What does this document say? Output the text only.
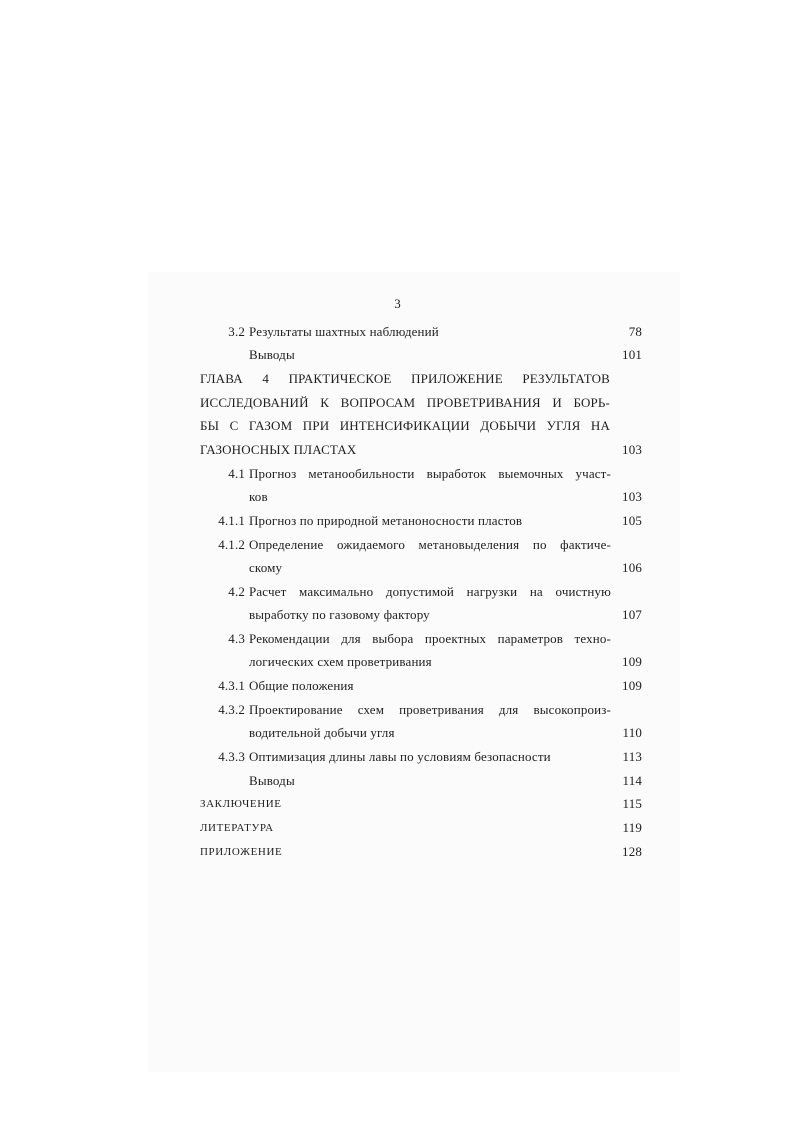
3
3.2 Результаты шахтных наблюдений	78
Выводы	101
ГЛАВА 4 ПРАКТИЧЕСКОЕ ПРИЛОЖЕНИЕ РЕЗУЛЬТАТОВ
ИССЛЕДОВАНИЙ К ВОПРОСАМ ПРОВЕТРИВАНИЯ И БОРЬ-
БЫ С ГАЗОМ ПРИ ИНТЕНСИФИКАЦИИ ДОБЫЧИ УГЛЯ НА
ГАЗОНОСНЫХ ПЛАСТАХ	103
4.1 Прогноз метанообильности выработок выемочных участ-
ков	103
4.1.1 Прогноз по природной метаноносности пластов	105
4.1.2 Определение ожидаемого метановыделения по фактиче-
скому	106
4.2 Расчет максимально допустимой нагрузки на очистную
выработку по газовому фактору	107
4.3 Рекомендации для выбора проектных параметров техно-
логических схем проветривания	109
4.3.1 Общие положения	109
4.3.2 Проектирование схем проветривания для высокопроиз-
водительной добычи угля	110
4.3.3 Оптимизация длины лавы по условиям безопасности	113
Выводы	114
ЗАКЛЮЧЕНИЕ	115
ЛИТЕРАТУРА	119
ПРИЛОЖЕНИЕ	128
